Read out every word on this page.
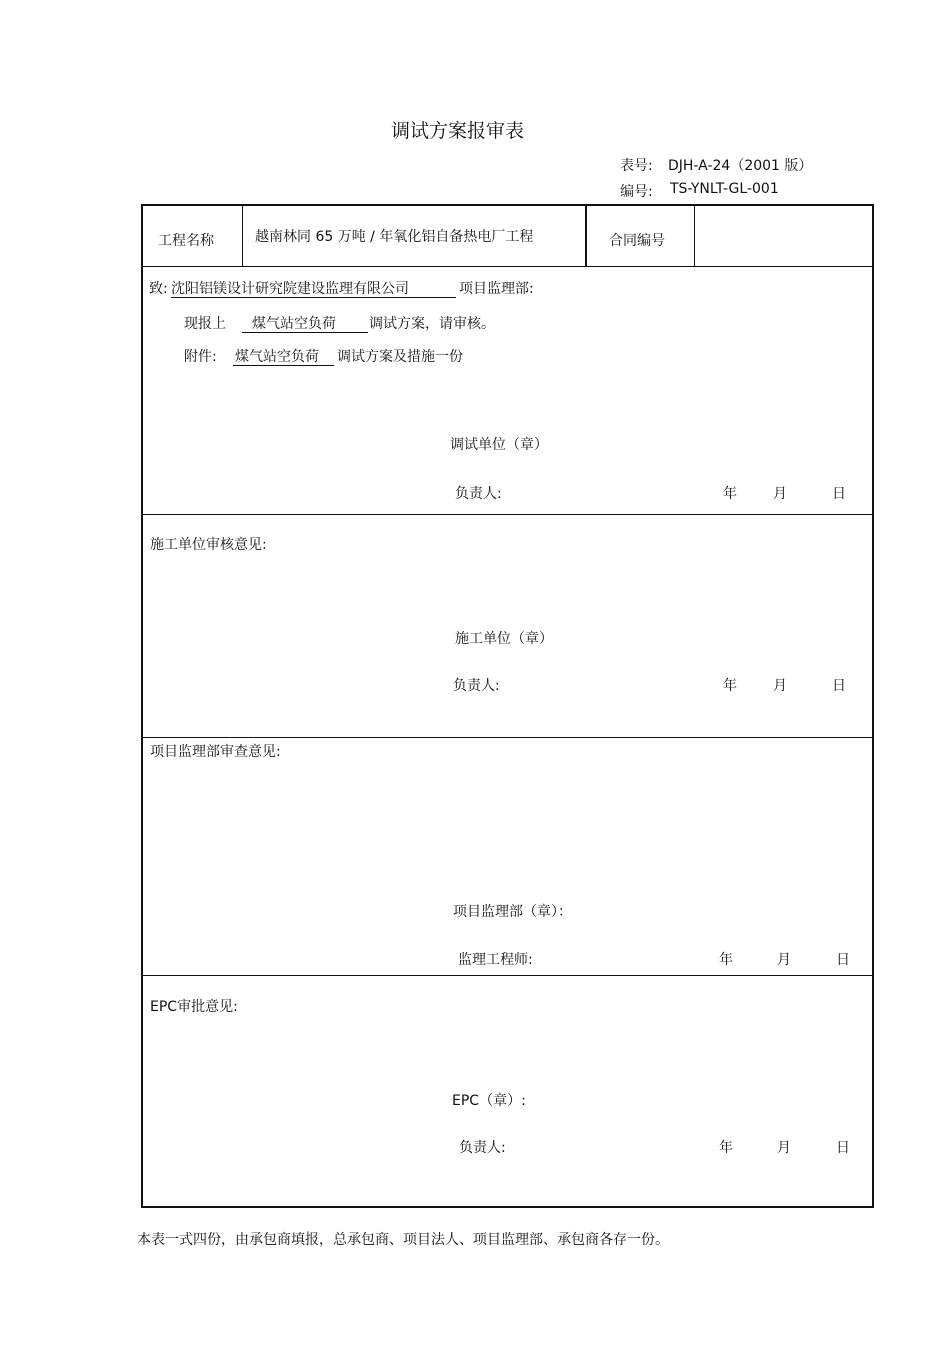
调试方案报审表
表号: DJH-A-24（2001 版）
编号: TS-YNLT-GL-001
工程名称	越南林同 65 万吨 / 年氧化铝自备热电厂工程	合同编号
致: 沈阳铝镁设计研究院建设监理有限公司	项目监理部:
现报上 煤气站空负荷 调试方案，请审核。
附件: 煤气站空负荷 调试方案及措施一份
调试单位（章）
负责人:	年	月	日
施工单位审核意见:
施工单位（章）
负责人:	年	月	日
项目监理部审查意见:
项目监理部（章）：
监理工程师:	年	月	日
EPC审批意见:
EPC（章）:
负责人:	年	月	日
本表一式四份，由承包商填报，总承包商、项目法人、项目监理部、承包商各存一份。
